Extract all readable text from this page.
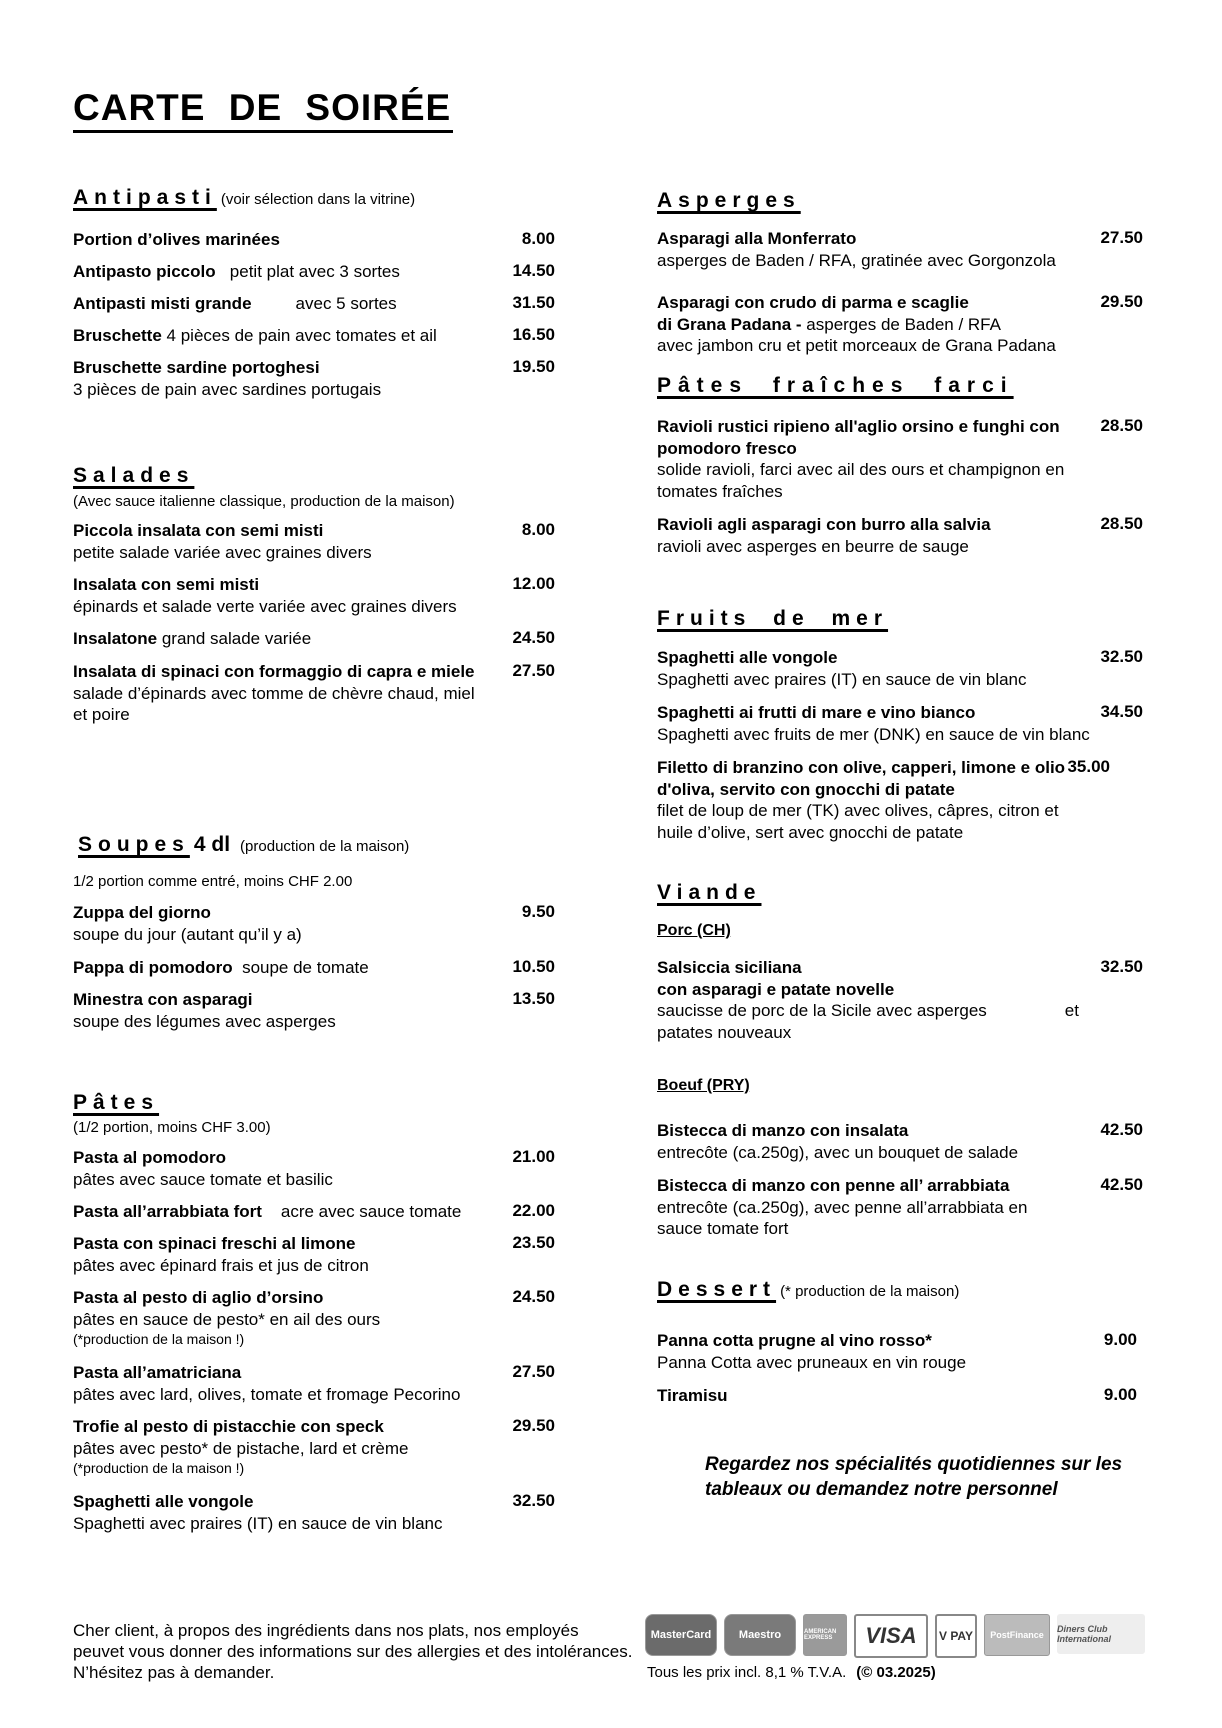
CARTE DE SOIRÉE
Antipasti (voir sélection dans la vitrine)
Portion d’olives marinées	8.00
Antipasto piccolo petit plat avec 3 sortes	14.50
Antipasti misti grande	avec 5 sortes	31.50
Bruschette 4 pièces de pain avec tomates et ail	16.50
Bruschette sardine portoghesi
3 pièces de pain avec sardines portugais
19.50
Salades
(Avec sauce italienne classique, production de la maison)
Piccola insalata con semi misti
petite salade variée avec graines divers
8.00
Insalata con semi misti
épinards et salade verte variée avec graines divers
12.00
Insalatone grand salade variée	24.50
Insalata di spinaci con formaggio di capra e miele
salade d’épinards avec tomme de chèvre chaud, miel et poire
27.50
Soupes 4 dl (production de la maison)
1/2 portion comme entré, moins CHF 2.00
Zuppa del giorno
soupe du jour (autant qu’il y a)
9.50
Pappa di pomodoro soupe de tomate	10.50
Minestra con asparagi
soupe des légumes avec asperges
13.50
Pâtes
(1/2 portion, moins CHF 3.00)
Pasta al pomodoro
pâtes avec sauce tomate et basilic
21.00
Pasta all’arrabbiata fort acre avec sauce tomate	22.00
Pasta con spinaci freschi al limone
pâtes avec épinard frais et jus de citron
23.50
Pasta al pesto di aglio d’orsino
pâtes en sauce de pesto* en ail des ours
(*production de la maison !)
24.50
Pasta all’amatriciana
pâtes avec lard, olives, tomate et fromage Pecorino
27.50
Trofie al pesto di pistacchie con speck
pâtes avec pesto* de pistache, lard et crème
(*production de la maison !)
29.50
Spaghetti alle vongole
Spaghetti avec praires (IT) en sauce de vin blanc
32.50
Asperges
Asparagi alla Monferrato
asperges de Baden / RFA, gratinée avec Gorgonzola
27.50
Asparagi con crudo di parma e scaglie
di Grana Padana - asperges de Baden / RFA
avec jambon cru et petit morceaux de Grana Padana
29.50
Pâtes fraîches farci
Ravioli rustici ripieno all'aglio orsino e funghi con pomodoro fresco
solide ravioli, farci avec ail des ours et champignon en tomates fraîches
28.50
Ravioli agli asparagi con burro alla salvia
ravioli avec asperges en beurre de sauge
28.50
Fruits de mer
Spaghetti alle vongole
Spaghetti avec praires (IT) en sauce de vin blanc
32.50
Spaghetti ai frutti di mare e vino bianco
Spaghetti avec fruits de mer (DNK) en sauce de vin blanc
34.50
Filetto di branzino con olive, capperi, limone e olio d'oliva, servito con gnocchi di patate
filet de loup de mer (TK) avec olives, câpres, citron et huile d’olive, sert avec gnocchi de patate
35.00
Viande
Porc (CH)
Salsiccia siciliana
con asparagi e patate novelle
saucisse de porc de la Sicile avec asperges	et
patates nouveaux
32.50
Boeuf (PRY)
Bistecca di manzo con insalata
entrecôte (ca.250g), avec un bouquet de salade
42.50
Bistecca di manzo con penne all’ arrabbiata
entrecôte (ca.250g), avec penne all’arrabbiata en sauce tomate fort
42.50
Dessert (* production de la maison)
Panna cotta prugne al vino rosso*
Panna Cotta avec pruneaux en vin rouge
9.00
Tiramisu	9.00
Regardez nos spécialités quotidiennes sur les tableaux ou demandez notre personnel
Cher client, à propos des ingrédients dans nos plats, nos employés peuvet vous donner des informations sur des allergies et des intolérances. N’hésitez pas à demander.
MasterCard	Maestro	AMERICAN EXPRESS	VISA	V PAY	PostFinance
Diners Club International
Tous les prix incl. 8,1 % T.V.A. (© 03.2025)
